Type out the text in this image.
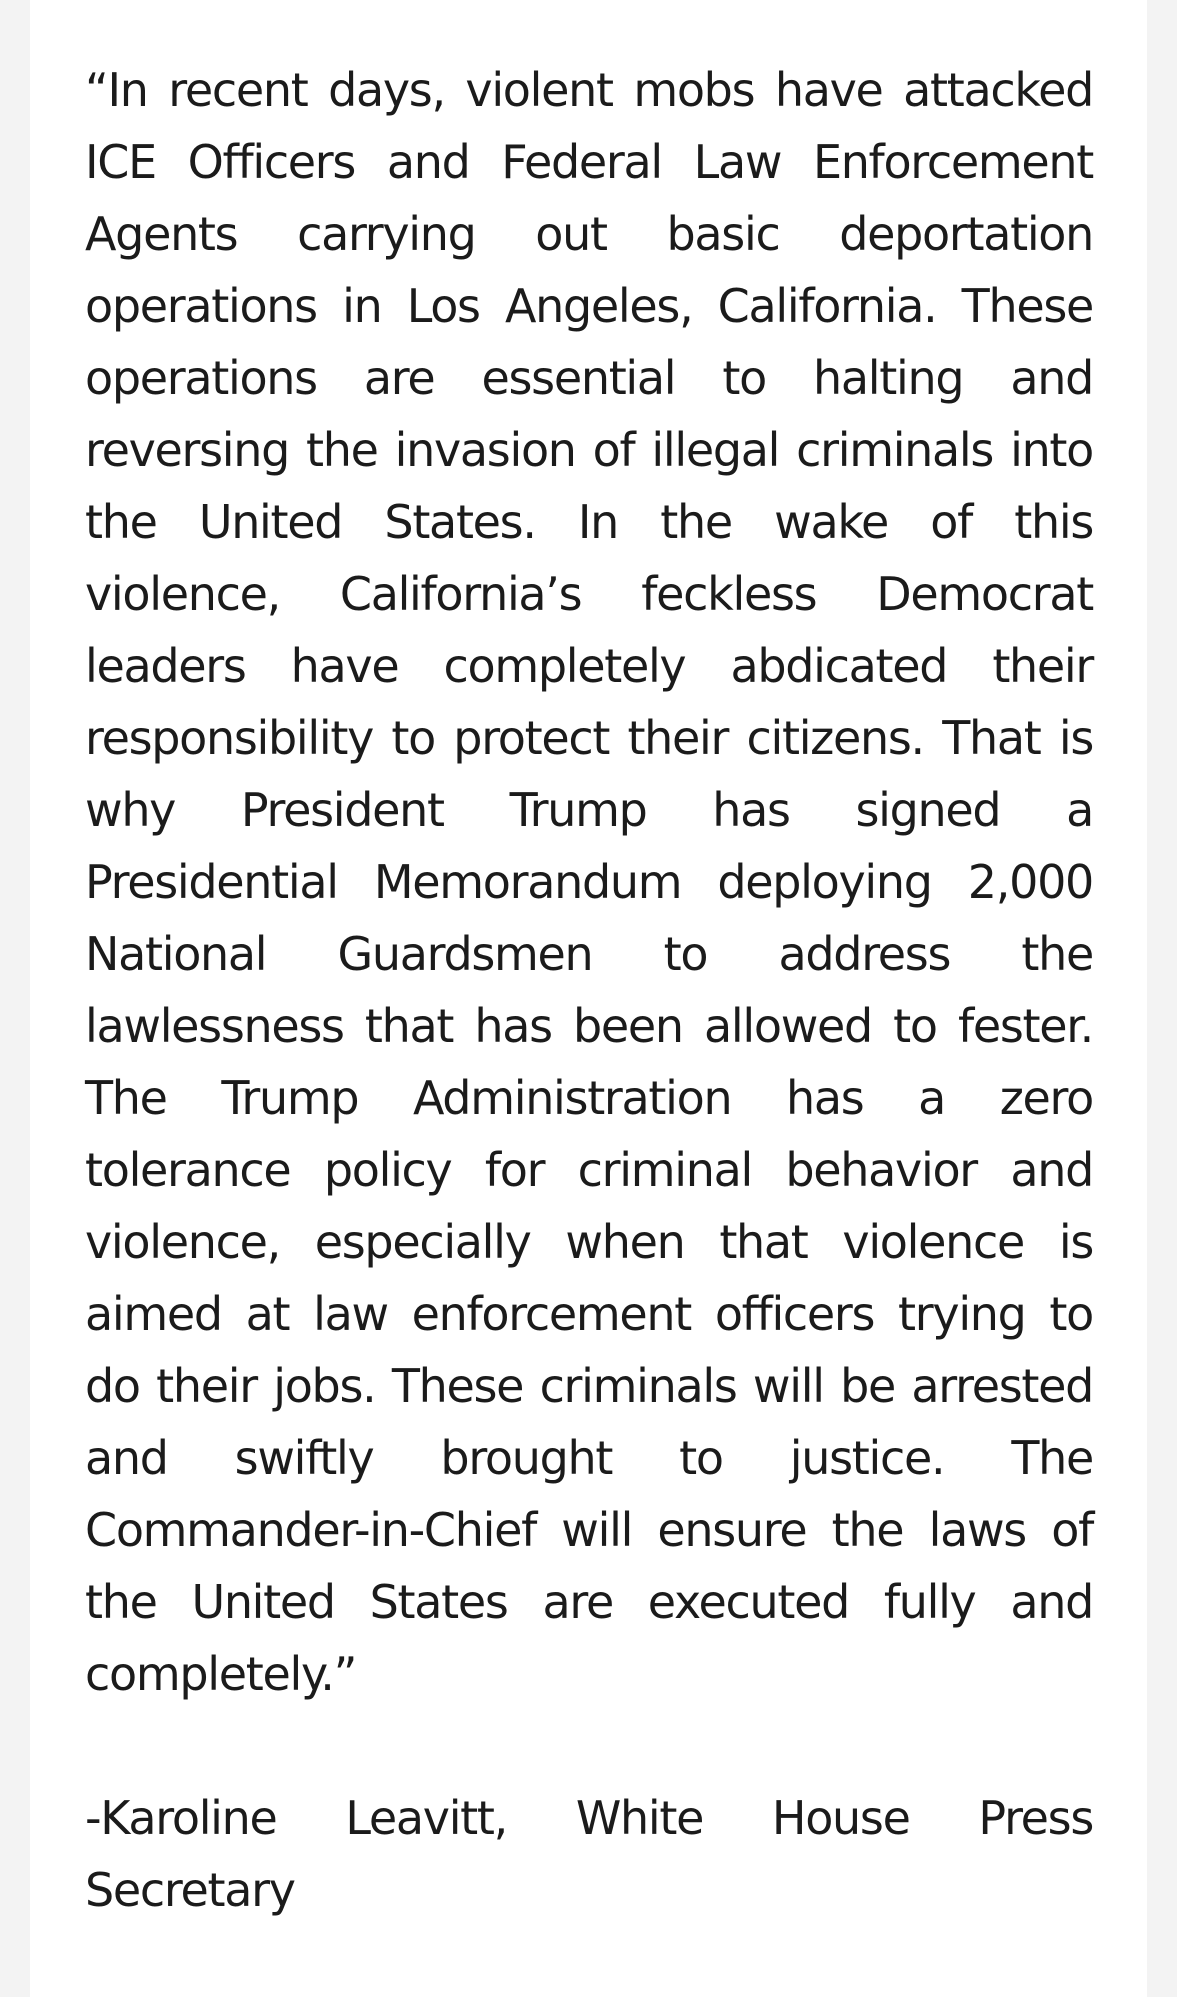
“In recent days, violent mobs have attacked ICE Officers and Federal Law Enforcement Agents carrying out basic deportation operations in Los Angeles, California. These operations are essential to halting and reversing the invasion of illegal criminals into the United States. In the wake of this violence, California’s feckless Democrat leaders have completely abdicated their responsibility to protect their citizens. That is why President Trump has signed a Presidential Memorandum deploying 2,000 National Guardsmen to address the lawlessness that has been allowed to fester. The Trump Administration has a zero tolerance policy for criminal behavior and violence, especially when that violence is aimed at law enforcement officers trying to do their jobs. These criminals will be arrested and swiftly brought to justice. The Commander-in-Chief will ensure the laws of the United States are executed fully and completely.”

-Karoline Leavitt, White House Press Secretary
